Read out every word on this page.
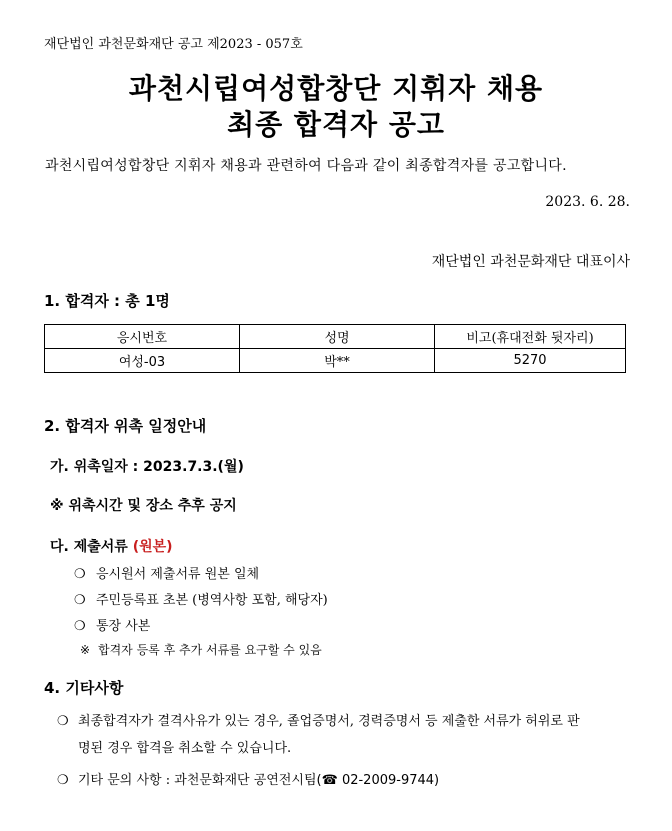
재단법인 과천문화재단 공고 제2023 - 057호
과천시립여성합창단 지휘자 채용
최종 합격자 공고
과천시립여성합창단 지휘자 채용과 관련하여 다음과 같이 최종합격자를 공고합니다.
2023. 6. 28.
재단법인 과천문화재단 대표이사
1. 합격자 : 총 1명
응시번호	성명	비고(휴대전화 뒷자리)
여성-03	박**	5270
2. 합격자 위촉 일정안내
가. 위촉일자 : 2023.7.3.(월)
※ 위촉시간 및 장소 추후 공지
다. 제출서류 (원본)
❍ 응시원서 제출서류 원본 일체
❍ 주민등록표 초본 (병역사항 포함, 해당자)
❍ 통장 사본
※ 합격자 등록 후 추가 서류를 요구할 수 있음
4. 기타사항
❍ 최종합격자가 결격사유가 있는 경우, 졸업증명서, 경력증명서 등 제출한 서류가 허위로 판
명된 경우 합격을 취소할 수 있습니다.
❍ 기타 문의 사항 : 과천문화재단 공연전시팀(☎ 02-2009-9744)
